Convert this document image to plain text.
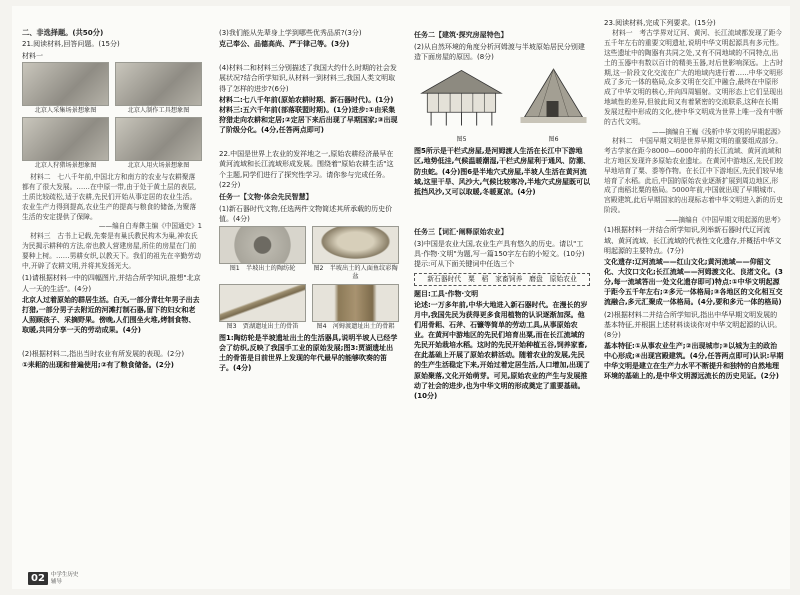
二、非选择题。(共50分)
21.阅读材料,回答问题。(15分)
材料一
北京人采集场景想象图	北京人制作工具想象图
北京人狩猎场景想象图	北京人用火场景想象图
材料二　七八千年前,中国北方和南方的农业与农耕聚落都有了很大发展。……在中原一带,由于处于黄土层的表层,土质比较疏松,适于农耕,先民们开始从事定居的农业生活。农业生产力得到提高,农业生产的提高与粮食的储备,为聚落生活的安定提供了保障。
——编自白寿彝主编《中国通史》1
材料三　古书上记载,先秦是有巢氏教民构木为巢,神农氏为民揭示耕种的方法,帝也教人营建房屋,所住的房屋在门前要种上树。……男耕女织,以教天下。我们的祖先在辛勤劳动中,开辟了农耕文明,并将其发扬光大。
(1)请根据材料一中的四幅图片,并结合所学知识,推想"北京人一天的生活"。(4分)
北京人过着原始的群居生活。白天,一部分青壮年男子出去打猎,一部分男子去附近的河滩打制石器,留下的妇女和老人照顾孩子、采摘野果。傍晚,人们围坐火堆,烤制食物、取暖,共同分享一天的劳动成果。(4分)
(2)根据材料二,指出当时农业有所发展的表现。(2分)
①耒耜的出现和普遍使用;②有了粮食储备。(2分)
(3)我们能从先辈身上学到哪些优秀品质?(3分)
克己奉公、品德高尚、严于律己等。(3分)
(4)材料二和材料三分别描述了我国大约什么时期的社会发展状况?结合所学知识,从材料一到材料三,我国人类文明取得了怎样的进步?(6分)
材料二:七八千年前(原始农耕时期、新石器时代)。(1分)材料三:五六千年前(部落联盟时期)。(1分)进步:①由采集狩猎走向农耕和定居;②定居下来后出现了早期国家;③出现了阶级分化。(4分,任答两点即可)
22.中国是世界上农业的发祥地之一,原始农耕经济最早在黄河流域和长江流域形成发展。围绕着"原始农耕生活"这个主题,同学们进行了探究性学习。请你参与完成任务。(22分)
任务一【文物·体会先民智慧】
(1)新石器时代文物,任选两件文物简述其所承载的历史价值。(4分)
图1　半坡出土的陶纺轮	图2　半坡出土的人面鱼纹彩陶盆
图3　贾湖遗址出土的骨笛	图4　河姆渡遗址出土的骨耜
图1:陶纺轮是半坡遗址出土的生活器具,说明半坡人已经学会了纺织,反映了我国手工业的原始发展;图3:贾湖遗址出土的骨笛是目前世界上发现的年代最早的能够吹奏的笛子。(4分)
任务二【建筑·探究房屋特色】
(2)从自然环境的角度分析河姆渡与半坡原始居民分别建造下面房屋的原因。(8分)
图5	图6
图5所示是干栏式房屋,是河姆渡人生活在长江中下游地区,地势低洼,气候温暖潮湿,干栏式房屋利于通风、防潮、防虫蛇。(4分)图6是半地穴式房屋,半坡人生活在黄河流域,这里干旱、风沙大,气候比较寒冷,半地穴式房屋既可以抵挡风沙,又可以取暖,冬暖夏凉。(4分)
任务三【词汇·阐释原始农业】
(3)中国是农业大国,农业生产具有悠久的历史。请以"工具·作物·文明"为题,写一篇150字左右的小短文。(10分)提示:可从下面关键词中任选三个
新石器时代　粟　稻　家畜饲养　磨盘　原始农业
题目:工具·作物·文明
论述:一万多年前,中华大地进入新石器时代。在漫长的岁月中,我国先民为获得更多食用植物的认识逐渐加深。他们用骨耜、石斧、石镰等简单的劳动工具,从事原始农业。在黄河中游地区的先民们培育出粟,而在长江流域的先民开始栽培水稻。这时的先民开始种植五谷,饲养家畜,在此基础上开展了原始农耕活动。随着农业的发展,先民的生产生活稳定下来,开始过着定居生活,人口增加,出现了原始聚落,文化开始萌芽。可见,原始农业的产生与发展推动了社会的进步,也为中华文明的形成奠定了重要基础。(10分)
23.阅读材料,完成下列要求。(15分)
材料一　考古学界对辽河、黄河、长江流域都发现了距今五千年左右的重要文明遗址,说明中华文明起源具有多元性。这些遗址中的陶器有共同之处,又有不同地域的不同特点,出土的玉器中有数以百计的精美玉器,对后世影响深远。上古时期,这一阶段文化交流在广大的地域内进行着……中华文明形成了多元一体的格局,众多文明在交汇中融合,最终在中原形成了中华文明的核心,并向四周辐射。文明形态上它们呈现出地域性的差异,但彼此间又有着紧密的交流联系,这种在长期发展过程中形成的文化,使中华文明成为世界上唯一没有中断的古代文明。
——摘编自王巍《浅析中华文明的早期起源》
材料二　中国早期文明是世界早期文明的重要组成部分。考古学家在距今8000—6000年前的长江流域、黄河流域和北方地区发现许多原始农业遗址。在黄河中游地区,先民们较早地培育了粟、黍等作物。在长江中下游地区,先民们较早地培育了水稻。此后,中国的原始农业逐渐扩展到周边地区,形成了南稻北粟的格局。5000年前,中国就出现了早期城市、宫殿建筑,此后早期国家的出现标志着中华文明进入新的历史阶段。
——摘编自《中国早期文明起源的思考》
(1)根据材料一并结合所学知识,列举新石器时代辽河流域、黄河流域、长江流域的代表性文化遗存,并概括中华文明起源的主要特点。(7分)
文化遗存:辽河流域——红山文化;黄河流域——仰韶文化、大汶口文化;长江流域——河姆渡文化、良渚文化。(3分,每一流域答出一处文化遗存即可)特点:①中华文明起源于距今五千年左右;②多元一体格局;③各地区的文化相互交流融合,多元汇聚成一体格局。(4分,要和多元一体的格局)
(2)根据材料二并结合所学知识,指出中华早期文明发展的基本特征,并根据上述材料谈谈你对中华文明起源的认识。(8分)
基本特征:①从事农业生产;②出现城市;③以城为主的政治中心形成;④出现宫殿建筑。(4分,任答两点即可)认识:早期中华文明是建立在生产力水平不断提升和独特的自然地理环境的基础上的,是中华文明源远流长的历史见证。(2分)
02	中学生历史辅导
